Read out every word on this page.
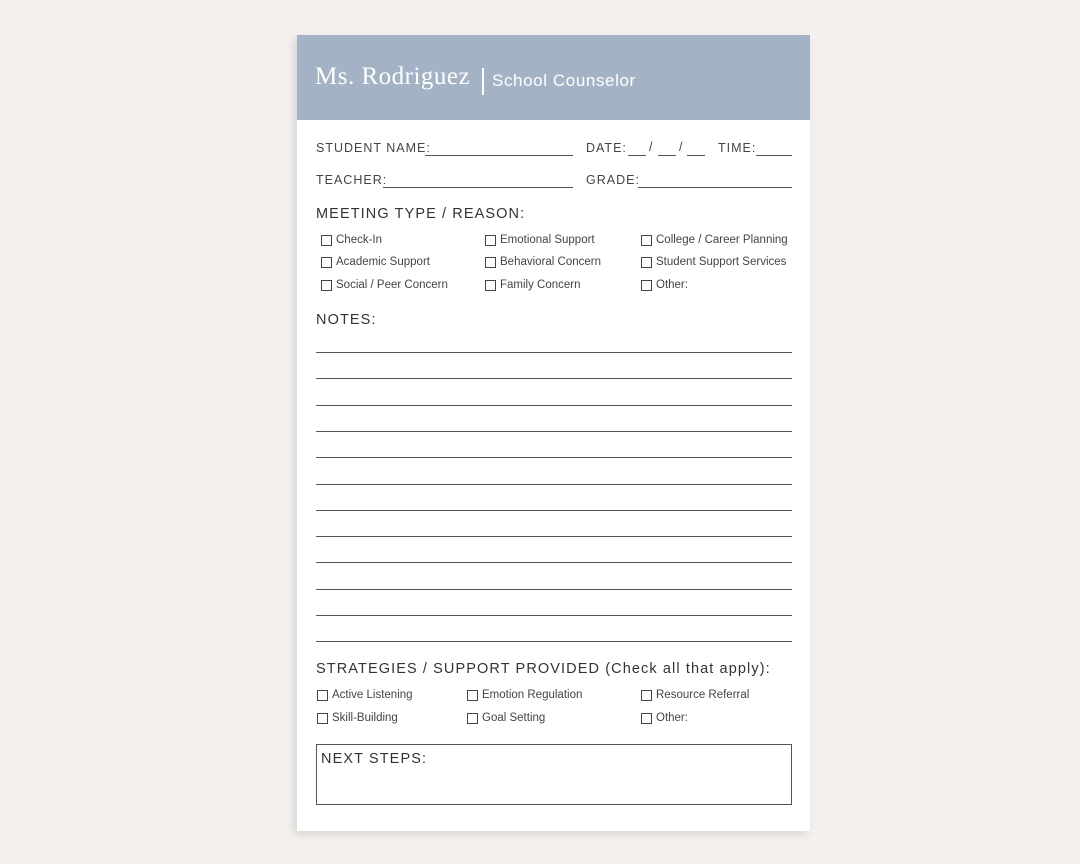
Ms. Rodriguez School Counselor
STUDENT NAME:	DATE: / /	TIME:
TEACHER:	GRADE:
MEETING TYPE / REASON:
Check-In	Emotional Support	College / Career Planning
Academic Support	Behavioral Concern	Student Support Services
Social / Peer Concern	Family Concern	Other:
NOTES:
STRATEGIES / SUPPORT PROVIDED (Check all that apply):
Active Listening	Emotion Regulation	Resource Referral
Skill-Building	Goal Setting	Other:
NEXT STEPS:
